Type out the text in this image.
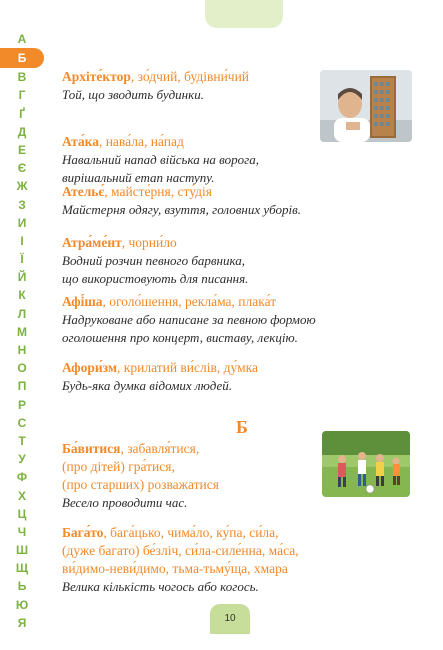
А
Б
В
Г
Ґ
Д
Е
Є
Ж
З
И
І
Ї
Й
К
Л
М
Н
О
П
Р
С
Т
У
Ф
Х
Ц
Ч
Ш
Щ
Ь
Ю
Я

Архіте́ктор, зо́дчий, будівни́чий

Той, що зводить будинки.

Ата́ка, нава́ла, на́пад

Навальний напад війська на ворога,

вирішальний етап наступу.

Ательє́, майсте́рня, сту́дія

Майстерня одягу, взуття, головних уборів.

Атра́ме́нт, чорни́ло

Водний розчин певного барвника,

що використовують для писання.

Афі́ша, оголо́шення, рекла́ма, плака́т

Надруковане або написане за певною формою

оголошення про концерт, виставу, лекцію.

Афори́зм, крилатий ви́слів, ду́мка

Будь-яка думка відомих людей.

Б

Ба́витися, забавля́тися,

(про дітей) гра́тися,

(про старших) розважатися

Весело проводити час.

Бага́то, бага́цько, чима́ло, ку́па, си́ла,

(дуже багато) бе́зліч, си́ла-силе́нна, ма́са,

ви́димо-неви́димо, тьма-тьму́ща, хмара

Велика кількість чогось або когось.

10
